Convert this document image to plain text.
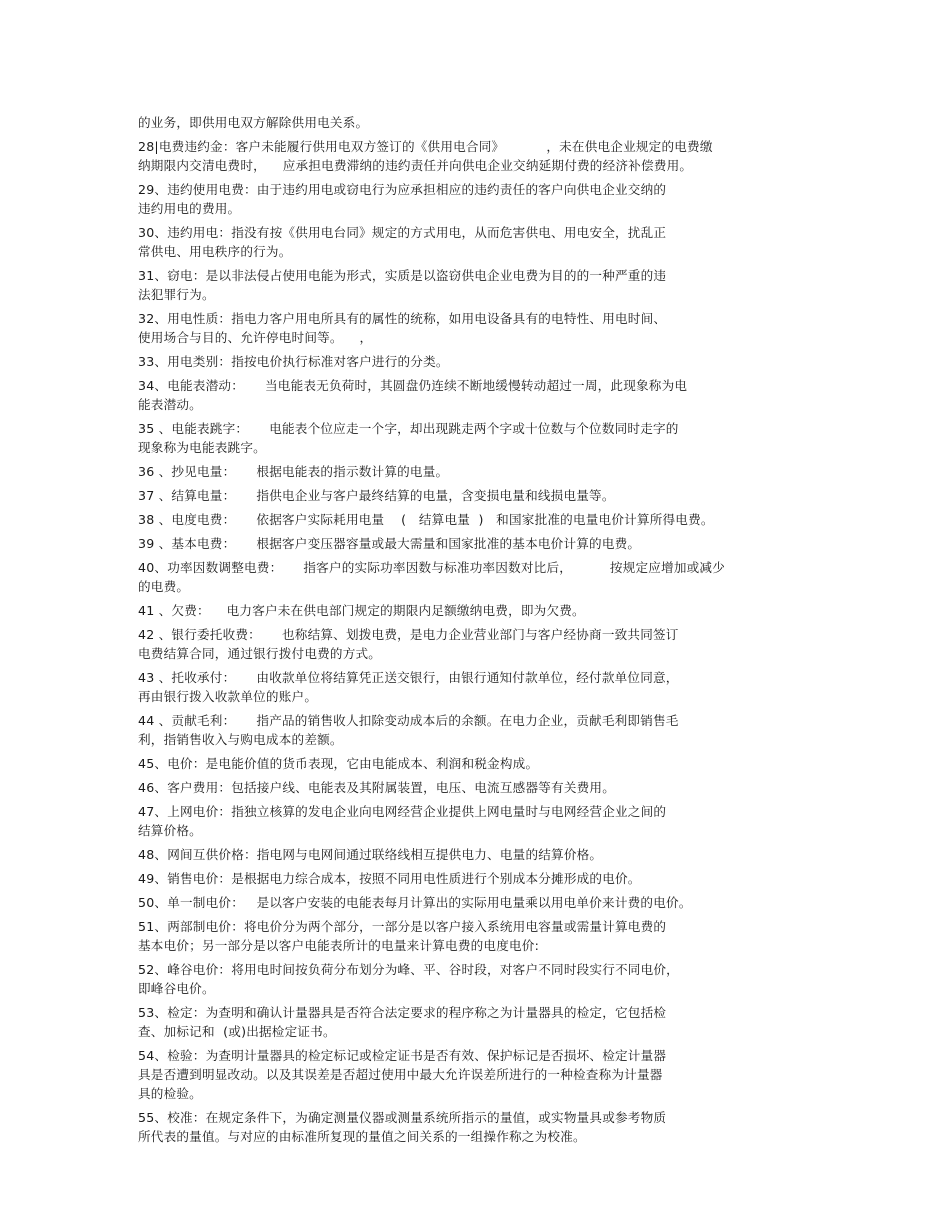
的业务，即供用电双方解除供用电关系。
28|电费违约金：客户未能履行供用电双方签订的《供用电合同》          ，未在供电企业规定的电费缴
纳期限内交清电费时，    应承担电费滞纳的违约责任并向供电企业交纳延期付费的经济补偿费用。
29、违约使用电费：由于违约用电或窃电行为应承担相应的违约责任的客户向供电企业交纳的
违约用电的费用。
30、违约用电：指没有按《供用电台同》规定的方式用电，从而危害供电、用电安全，扰乱正
常供电、用电秩序的行为。
31、窃电：是以非法侵占使用电能为形式，实质是以盗窃供电企业电费为目的的一种严重的违
法犯罪行为。
32、用电性质：指电力客户用电所具有的属性的统称，如用电设备具有的电特性、用电时间、
使用场合与目的、允许停电时间等。    ，
33、用电类别：指按电价执行标准对客户进行的分类。
34、电能表潜动：     当电能表无负荷时，其圆盘仍连续不断地缓慢转动超过一周，此现象称为电
能表潜动。
35 、电能表跳字：     电能表个位应走一个字，却出现跳走两个字或十位数与个位数同时走字的
现象称为电能表跳字。
36 、抄见电量：     根据电能表的指示数计算的电量。
37 、结算电量：     指供电企业与客户最终结算的电量，含变损电量和线损电量等。
38 、电度电费：     依据客户实际耗用电量    (   结算电量  )   和国家批准的电量电价计算所得电费。
39 、基本电费：     根据客户变压器容量或最大需量和国家批准的基本电价计算的电费。
40、功率因数调整电费：     指客户的实际功率因数与标准功率因数对比后，         按规定应增加或减少
的电费。
41 、欠费：    电力客户未在供电部门规定的期限内足额缴纳电费，即为欠费。
42 、银行委托收费：     也称结算、划拨电费，是电力企业营业部门与客户经协商一致共同签订
电费结算合同，通过银行拨付电费的方式。
43 、托收承付：     由收款单位将结算凭正送交银行，由银行通知付款单位，经付款单位同意，
再由银行拨入收款单位的账户。
44 、贡献毛利：     指产品的销售收人扣除变动成本后的余额。在电力企业，贡献毛利即销售毛
利，指销售收入与购电成本的差额。
45、电价：是电能价值的货币表现，它由电能成本、利润和税金构成。
46、客户费用：包括接户线、电能表及其附属装置，电压、电流互感器等有关费用。
47、上网电价：指独立核算的发电企业向电网经营企业提供上网电量时与电网经营企业之间的
结算价格。
48、网间互供价格：指电网与电网间通过联络线相互提供电力、电量的结算价格。
49、销售电价：是根据电力综合成本，按照不同用电性质进行个别成本分摊形成的电价。
50、单一制电价：   是以客户安装的电能表每月计算出的实际用电量乘以用电单价来计费的电价。
51、两部制电价：将电价分为两个部分，一部分是以客户接入系统用电容量或需量计算电费的
基本电价；另一部分是以客户电能表所计的电量来计算电费的电度电价:
52、峰谷电价：将用电时间按负荷分布划分为峰、平、谷时段，对客户不同时段实行不同电价，
即峰谷电价。
53、检定：为查明和确认计量器具是否符合法定要求的程序称之为计量器具的检定，它包括检
查、加标记和  (或)出据检定证书。
54、检验：为查明计量器具的检定标记或检定证书是否有效、保护标记是否损坏、检定计量器
具是否遭到明显改动。以及其误差是否超过使用中最大允许误差所进行的一种检查称为计量器
具的检验。
55、校准：在规定条件下，为确定测量仪器或测量系统所指示的量值，或实物量具或参考物质
所代表的量值。与对应的由标准所复现的量值之间关系的一组操作称之为校准。
